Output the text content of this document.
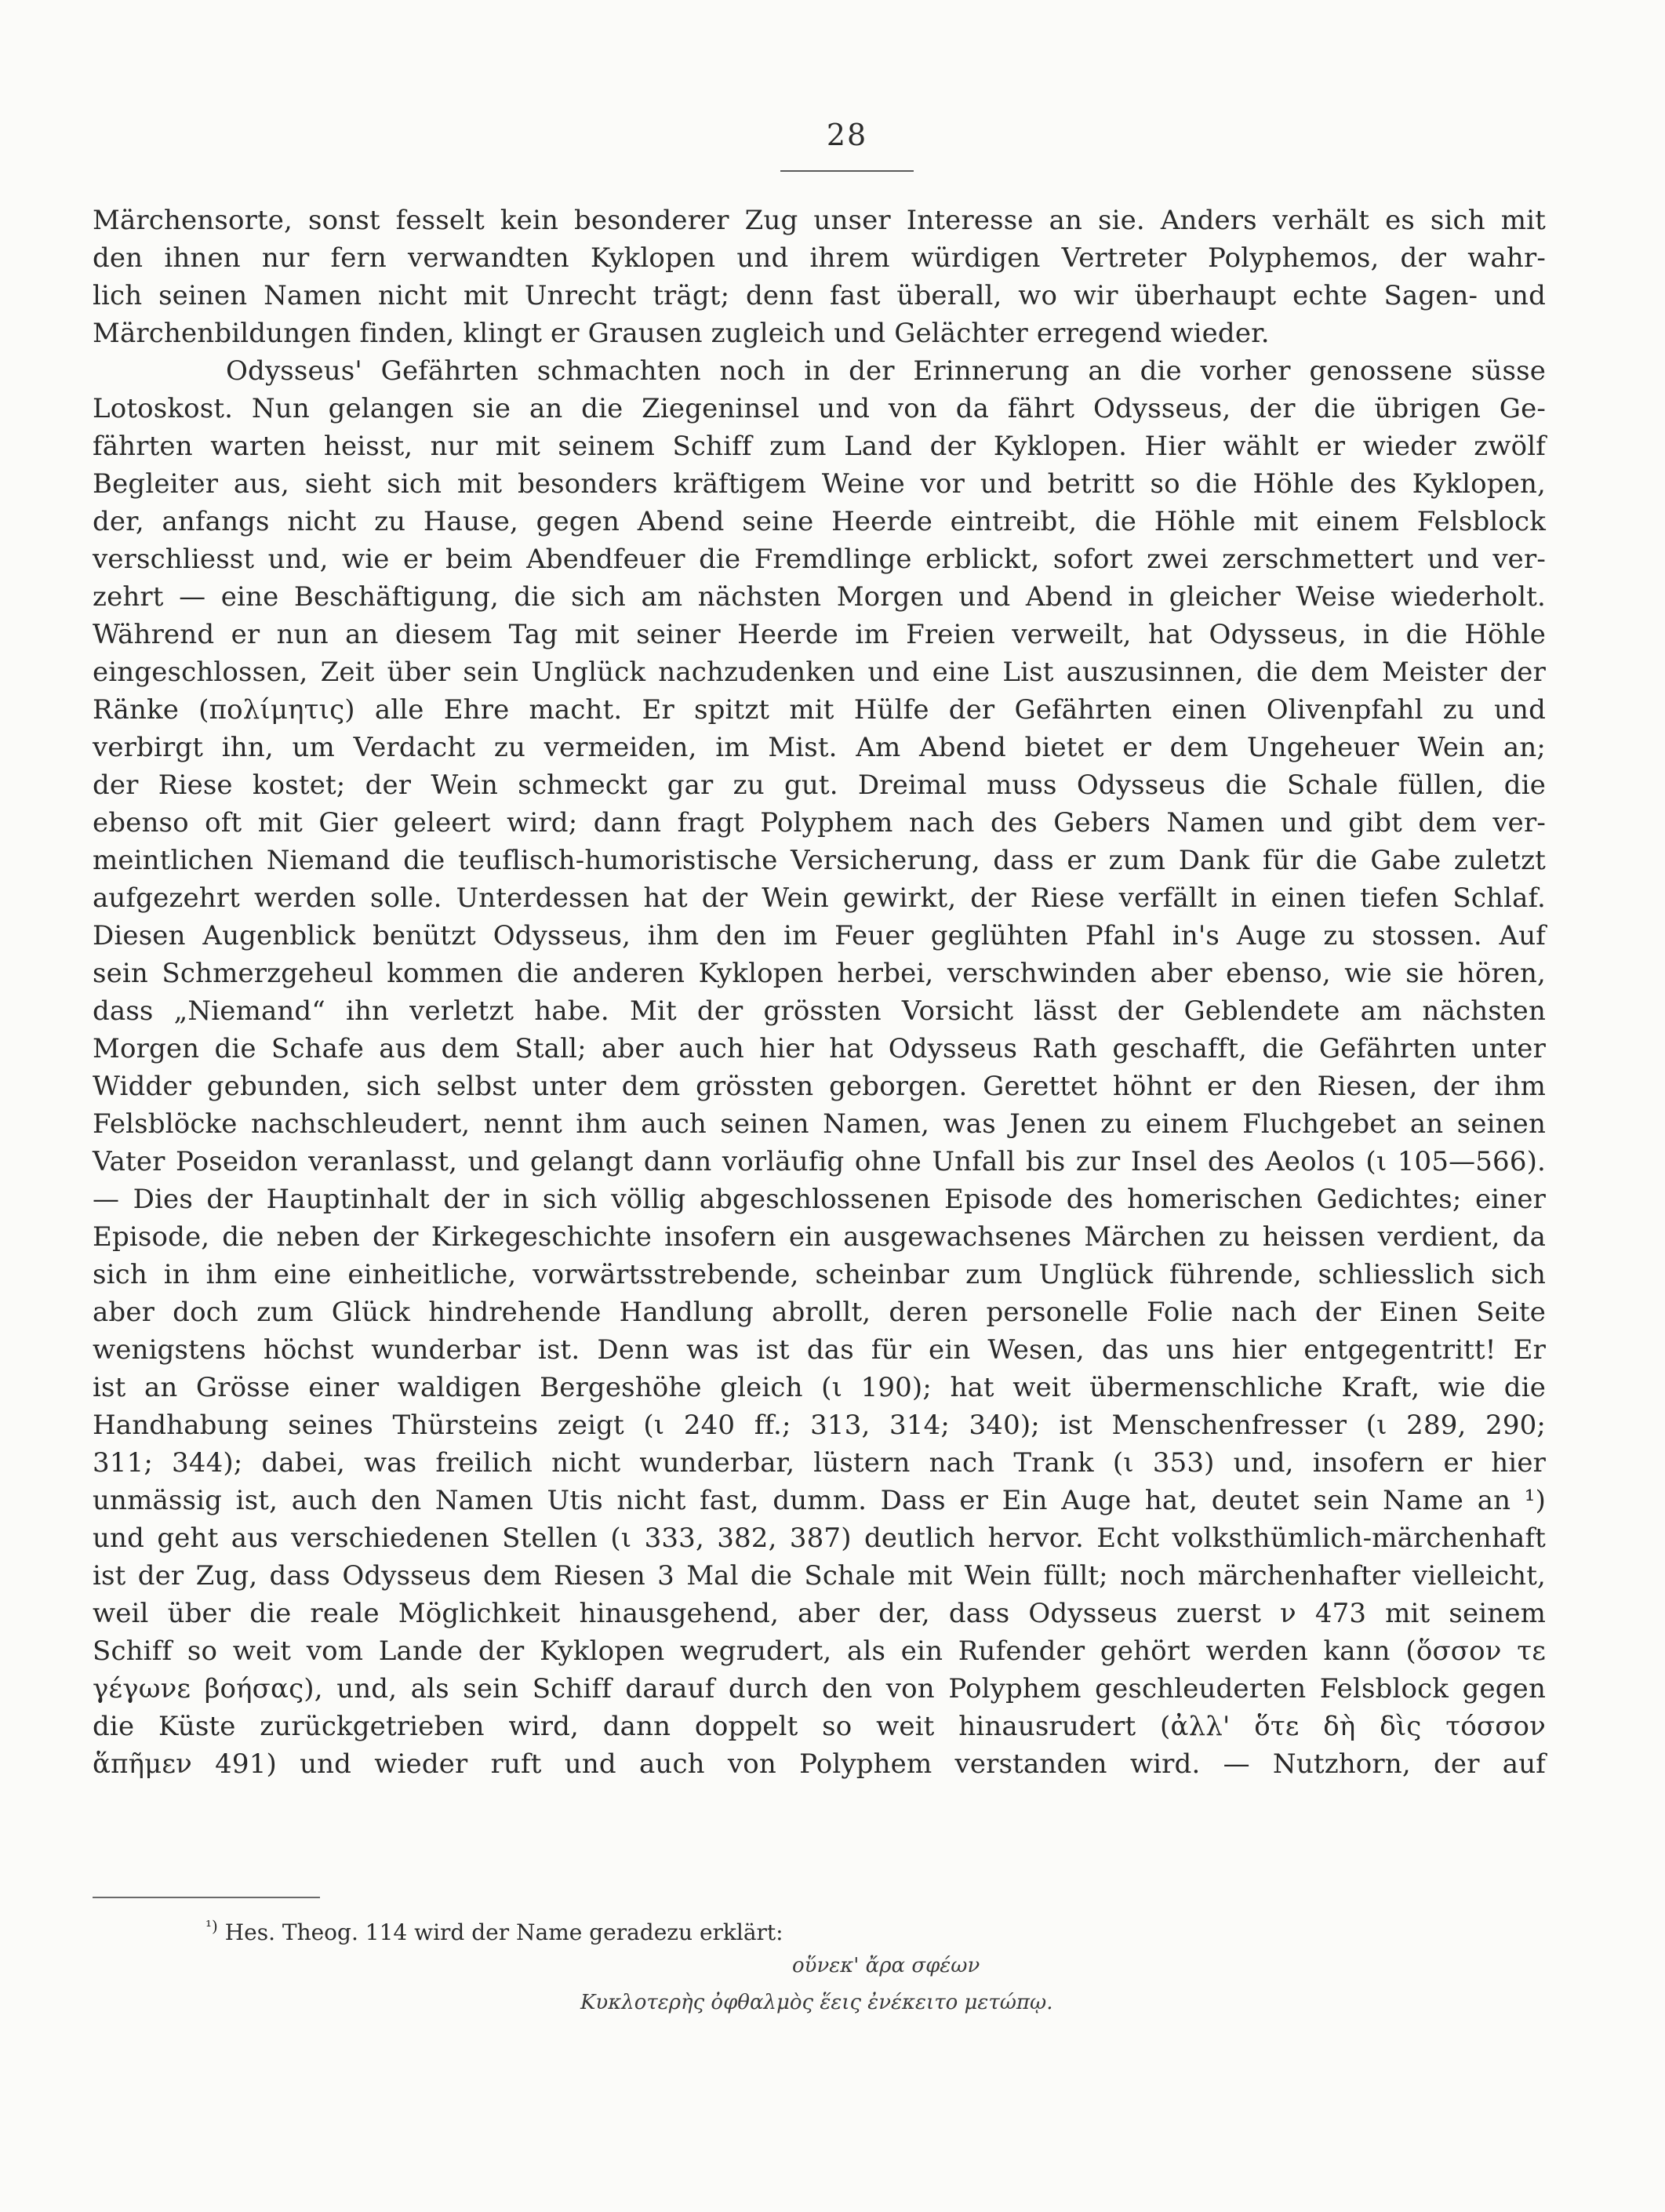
28
Märchensorte, sonst fesselt kein besonderer Zug unser Interesse an sie. Anders verhält es sich mit
den ihnen nur fern verwandten Kyklopen und ihrem würdigen Vertreter Polyphemos, der wahr-
lich seinen Namen nicht mit Unrecht trägt; denn fast überall, wo wir überhaupt echte Sagen- und
Märchenbildungen finden, klingt er Grausen zugleich und Gelächter erregend wieder.
Odysseus' Gefährten schmachten noch in der Erinnerung an die vorher genossene süsse
Lotoskost. Nun gelangen sie an die Ziegeninsel und von da fährt Odysseus, der die übrigen Ge-
fährten warten heisst, nur mit seinem Schiff zum Land der Kyklopen. Hier wählt er wieder zwölf
Begleiter aus, sieht sich mit besonders kräftigem Weine vor und betritt so die Höhle des Kyklopen,
der, anfangs nicht zu Hause, gegen Abend seine Heerde eintreibt, die Höhle mit einem Felsblock
verschliesst und, wie er beim Abendfeuer die Fremdlinge erblickt, sofort zwei zerschmettert und ver-
zehrt — eine Beschäftigung, die sich am nächsten Morgen und Abend in gleicher Weise wiederholt.
Während er nun an diesem Tag mit seiner Heerde im Freien verweilt, hat Odysseus, in die Höhle
eingeschlossen, Zeit über sein Unglück nachzudenken und eine List auszusinnen, die dem Meister der
Ränke (πολίμητις) alle Ehre macht. Er spitzt mit Hülfe der Gefährten einen Olivenpfahl zu und
verbirgt ihn, um Verdacht zu vermeiden, im Mist. Am Abend bietet er dem Ungeheuer Wein an;
der Riese kostet; der Wein schmeckt gar zu gut. Dreimal muss Odysseus die Schale füllen, die
ebenso oft mit Gier geleert wird; dann fragt Polyphem nach des Gebers Namen und gibt dem ver-
meintlichen Niemand die teuflisch-humoristische Versicherung, dass er zum Dank für die Gabe zuletzt
aufgezehrt werden solle. Unterdessen hat der Wein gewirkt, der Riese verfällt in einen tiefen Schlaf.
Diesen Augenblick benützt Odysseus, ihm den im Feuer geglühten Pfahl in's Auge zu stossen. Auf
sein Schmerzgeheul kommen die anderen Kyklopen herbei, verschwinden aber ebenso, wie sie hören,
dass „Niemand“ ihn verletzt habe. Mit der grössten Vorsicht lässt der Geblendete am nächsten
Morgen die Schafe aus dem Stall; aber auch hier hat Odysseus Rath geschafft, die Gefährten unter
Widder gebunden, sich selbst unter dem grössten geborgen. Gerettet höhnt er den Riesen, der ihm
Felsblöcke nachschleudert, nennt ihm auch seinen Namen, was Jenen zu einem Fluchgebet an seinen
Vater Poseidon veranlasst, und gelangt dann vorläufig ohne Unfall bis zur Insel des Aeolos (ι 105—566).
— Dies der Hauptinhalt der in sich völlig abgeschlossenen Episode des homerischen Gedichtes; einer
Episode, die neben der Kirkegeschichte insofern ein ausgewachsenes Märchen zu heissen verdient, da
sich in ihm eine einheitliche, vorwärtsstrebende, scheinbar zum Unglück führende, schliesslich sich
aber doch zum Glück hindrehende Handlung abrollt, deren personelle Folie nach der Einen Seite
wenigstens höchst wunderbar ist. Denn was ist das für ein Wesen, das uns hier entgegentritt! Er
ist an Grösse einer waldigen Bergeshöhe gleich (ι 190); hat weit übermenschliche Kraft, wie die
Handhabung seines Thürsteins zeigt (ι 240 ff.; 313, 314; 340); ist Menschenfresser (ι 289, 290;
311; 344); dabei, was freilich nicht wunderbar, lüstern nach Trank (ι 353) und, insofern er hier
unmässig ist, auch den Namen Utis nicht fast, dumm. Dass er Ein Auge hat, deutet sein Name an ¹)
und geht aus verschiedenen Stellen (ι 333, 382, 387) deutlich hervor. Echt volksthümlich-märchenhaft
ist der Zug, dass Odysseus dem Riesen 3 Mal die Schale mit Wein füllt; noch märchenhafter vielleicht,
weil über die reale Möglichkeit hinausgehend, aber der, dass Odysseus zuerst ν 473 mit seinem
Schiff so weit vom Lande der Kyklopen wegrudert, als ein Rufender gehört werden kann (ὅσσον τε
γέγωνε βοήσας), und, als sein Schiff darauf durch den von Polyphem geschleuderten Felsblock gegen
die Küste zurückgetrieben wird, dann doppelt so weit hinausrudert (ἀλλ' ὅτε δὴ δὶς τόσσον
ἅπῆμεν 491) und wieder ruft und auch von Polyphem verstanden wird. — Nutzhorn, der auf
$^{^1)}$ Hes. Theog. 114 wird der Name geradezu erklärt:
οὕνεκ' ἄρα σφέων
Κυκλοτερὴς ὀφθαλμὸς ἕεις ἐνέκειτο μετώπῳ.
